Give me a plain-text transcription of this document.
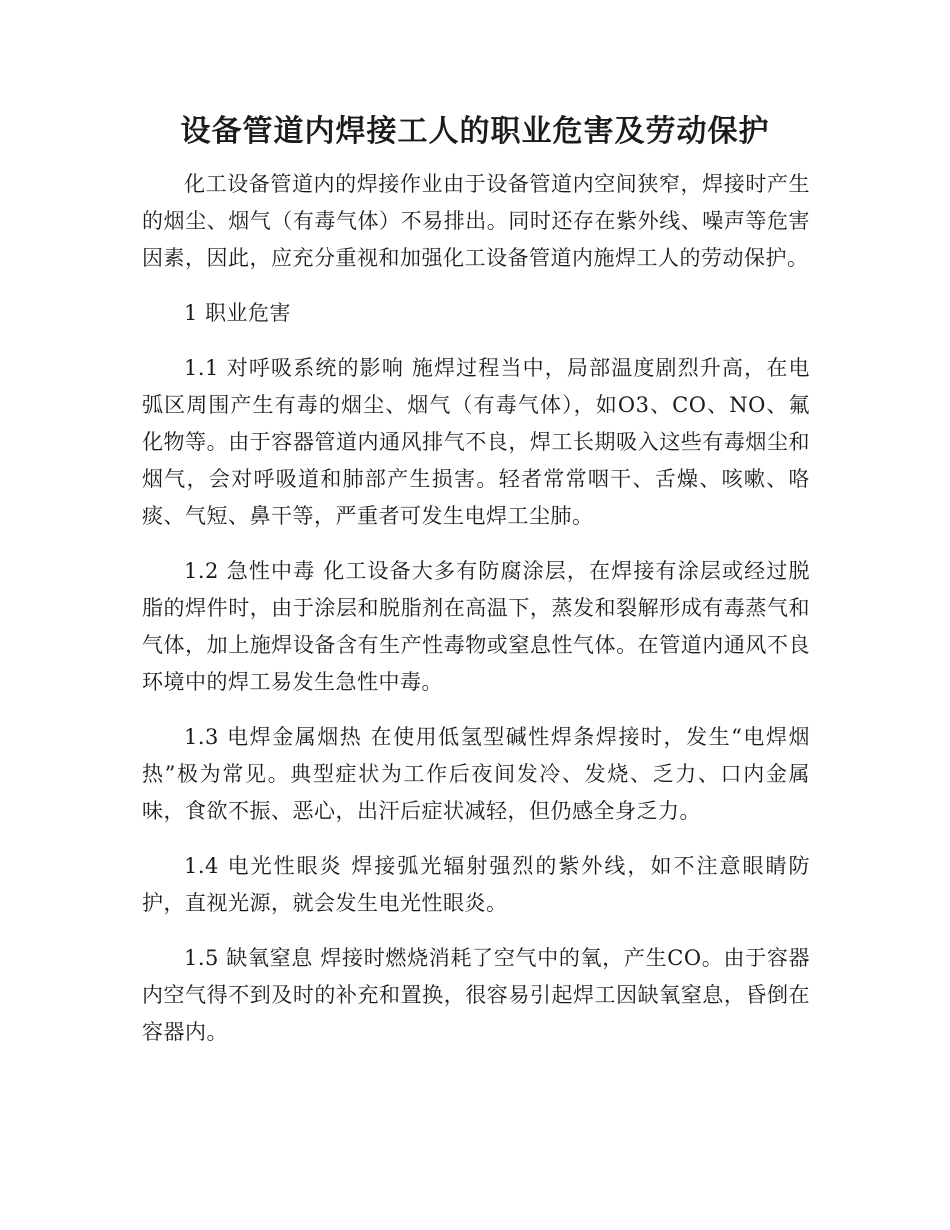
设备管道内焊接工人的职业危害及劳动保护

化工设备管道内的焊接作业由于设备管道内空间狭窄，焊接时产生的烟尘、烟气（有毒气体）不易排出。同时还存在紫外线、噪声等危害因素，因此，应充分重视和加强化工设备管道内施焊工人的劳动保护。

1 职业危害

1.1 对呼吸系统的影响 施焊过程当中，局部温度剧烈升高，在电弧区周围产生有毒的烟尘、烟气（有毒气体），如O3、CO、NO、氟化物等。由于容器管道内通风排气不良，焊工长期吸入这些有毒烟尘和烟气，会对呼吸道和肺部产生损害。轻者常常咽干、舌燥、咳嗽、咯痰、气短、鼻干等，严重者可发生电焊工尘肺。

1.2 急性中毒 化工设备大多有防腐涂层，在焊接有涂层或经过脱脂的焊件时，由于涂层和脱脂剂在高温下，蒸发和裂解形成有毒蒸气和气体，加上施焊设备含有生产性毒物或窒息性气体。在管道内通风不良环境中的焊工易发生急性中毒。

1.3 电焊金属烟热 在使用低氢型碱性焊条焊接时，发生“电焊烟热”极为常见。典型症状为工作后夜间发冷、发烧、乏力、口内金属味，食欲不振、恶心，出汗后症状减轻，但仍感全身乏力。

1.4 电光性眼炎 焊接弧光辐射强烈的紫外线，如不注意眼睛防护，直视光源，就会发生电光性眼炎。

1.5 缺氧窒息 焊接时燃烧消耗了空气中的氧，产生CO。由于容器内空气得不到及时的补充和置换，很容易引起焊工因缺氧窒息，昏倒在容器内。
